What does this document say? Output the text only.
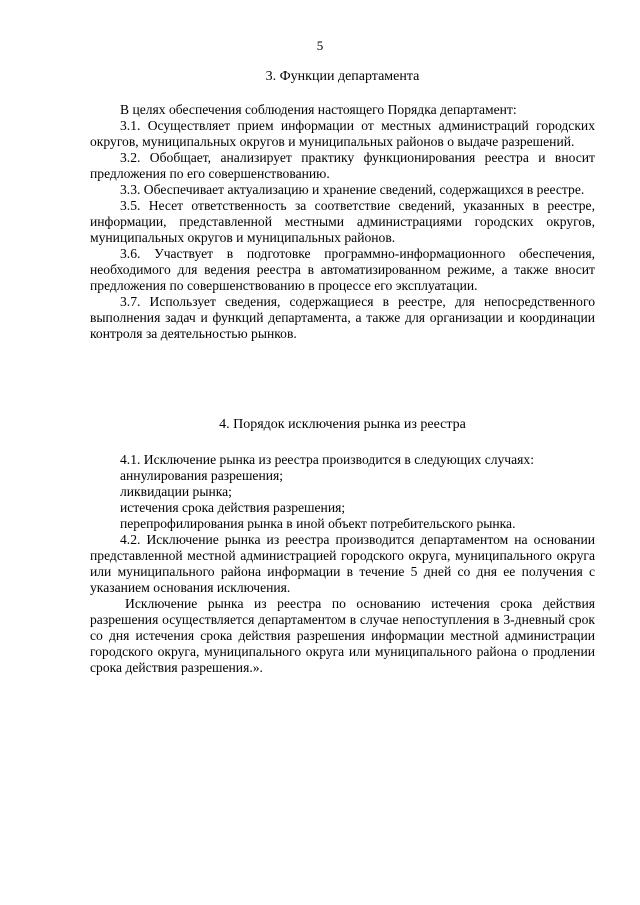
5
3. Функции департамента

В целях обеспечения соблюдения настоящего Порядка департамент:

3.1. Осуществляет прием информации от местных администраций городских округов, муниципальных округов и муниципальных районов о выдаче разрешений.

3.2. Обобщает, анализирует практику функционирования реестра и вносит предложения по его совершенствованию.

3.3. Обеспечивает актуализацию и хранение сведений, содержащихся в реестре.

3.5. Несет ответственность за соответствие сведений, указанных в реестре, информации, представленной местными администрациями городских округов, муниципальных округов и муниципальных районов.

3.6. Участвует в подготовке программно-информационного обеспечения, необходимого для ведения реестра в автоматизированном режиме, а также вносит предложения по совершенствованию в процессе его эксплуатации.

3.7. Использует сведения, содержащиеся в реестре, для непосредственного выполнения задач и функций департамента, а также для организации и координации контроля за деятельностью рынков.

4. Порядок исключения рынка из реестра

4.1. Исключение рынка из реестра производится в следующих случаях:

аннулирования разрешения;

ликвидации рынка;

истечения срока действия разрешения;

перепрофилирования рынка в иной объект потребительского рынка.

4.2. Исключение рынка из реестра производится департаментом на основании представленной местной администрацией городского округа, муниципального округа или муниципального района информации в течение 5 дней со дня ее получения с указанием основания исключения.

Исключение рынка из реестра по основанию истечения срока действия разрешения осуществляется департаментом в случае непоступления в 3-дневный срок со дня истечения срока действия разрешения информации местной администрации городского округа, муниципального округа или муниципального района о продлении срока действия разрешения.».
